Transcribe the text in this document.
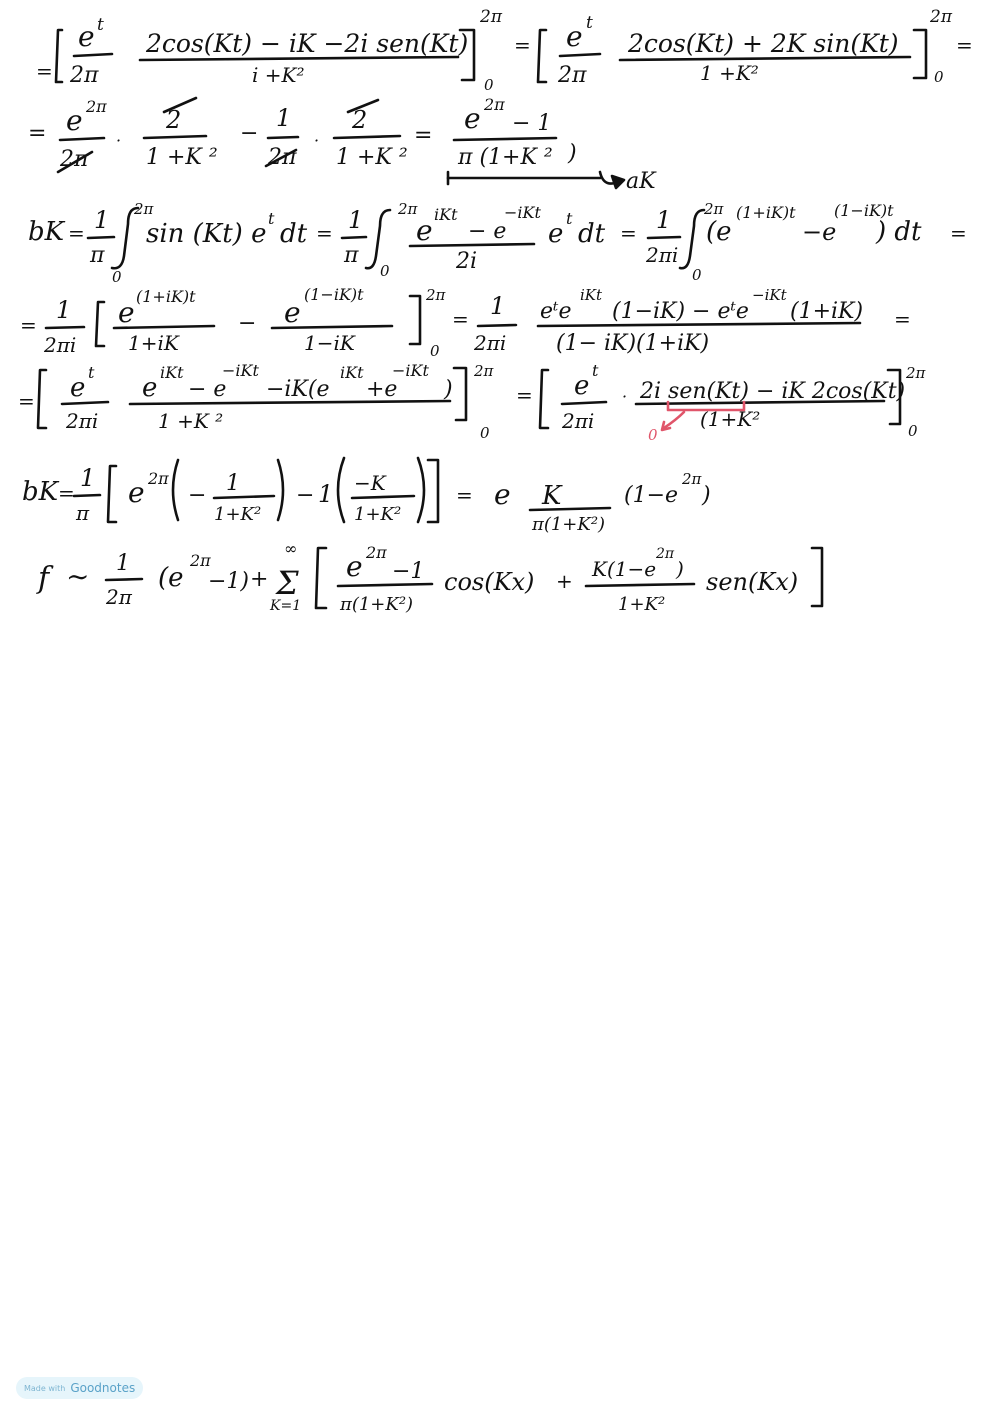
=
e t
2π
2cos(Kt) − iK −2i sen(Kt)
i +K²
2π
0
= e t
2π
2cos(Kt) + 2K sin(Kt)
1 +K²
2π
0
=
= e 2π
2π
·
2
1 +K ²
−
1
2π
·
2
1 +K ²
=
e 2π
− 1
π (1+K ² )
aK
bK = 1
π
2π
0
sin (Kt) e
t
dt = 1
π
2π
0
e iKt
− e
−iKt
2i
e
t
dt = 1
2πi
2π
0
(e
(1+iK)t
−e
(1−iK)t
) dt =
=
1
2πi
e (1+iK)t
1+iK
− e
(1−iK)t
1−iK
2π
0
= 1
2πi
eᵗe
iKt
(1−iK) − eᵗe
−iKt
(1+iK)
(1− iK)(1+iK)
=
= e
t
2πi
e
iKt
− e
−iKt
−iK(e
iKt
+e
−iKt
)
1 +K ²
2π
0
= e
t
2πi
· 2i sen(Kt) − iK 2cos(Kt)
(1+K²
2π
0
0
bK =
1
π
e 2π
− 1
1+K²
− 1 −K
1+K²
= e K
π(1+K²)
(1−e
2π
)
f ∼ 1
2π
(e
2π
−1) +
∞
Σ
K=1
e 2π
−1
π(1+K²)
cos(Kx) + K(1−e
2π
)
1+K²
sen(Kx)
Made with Goodnotes
